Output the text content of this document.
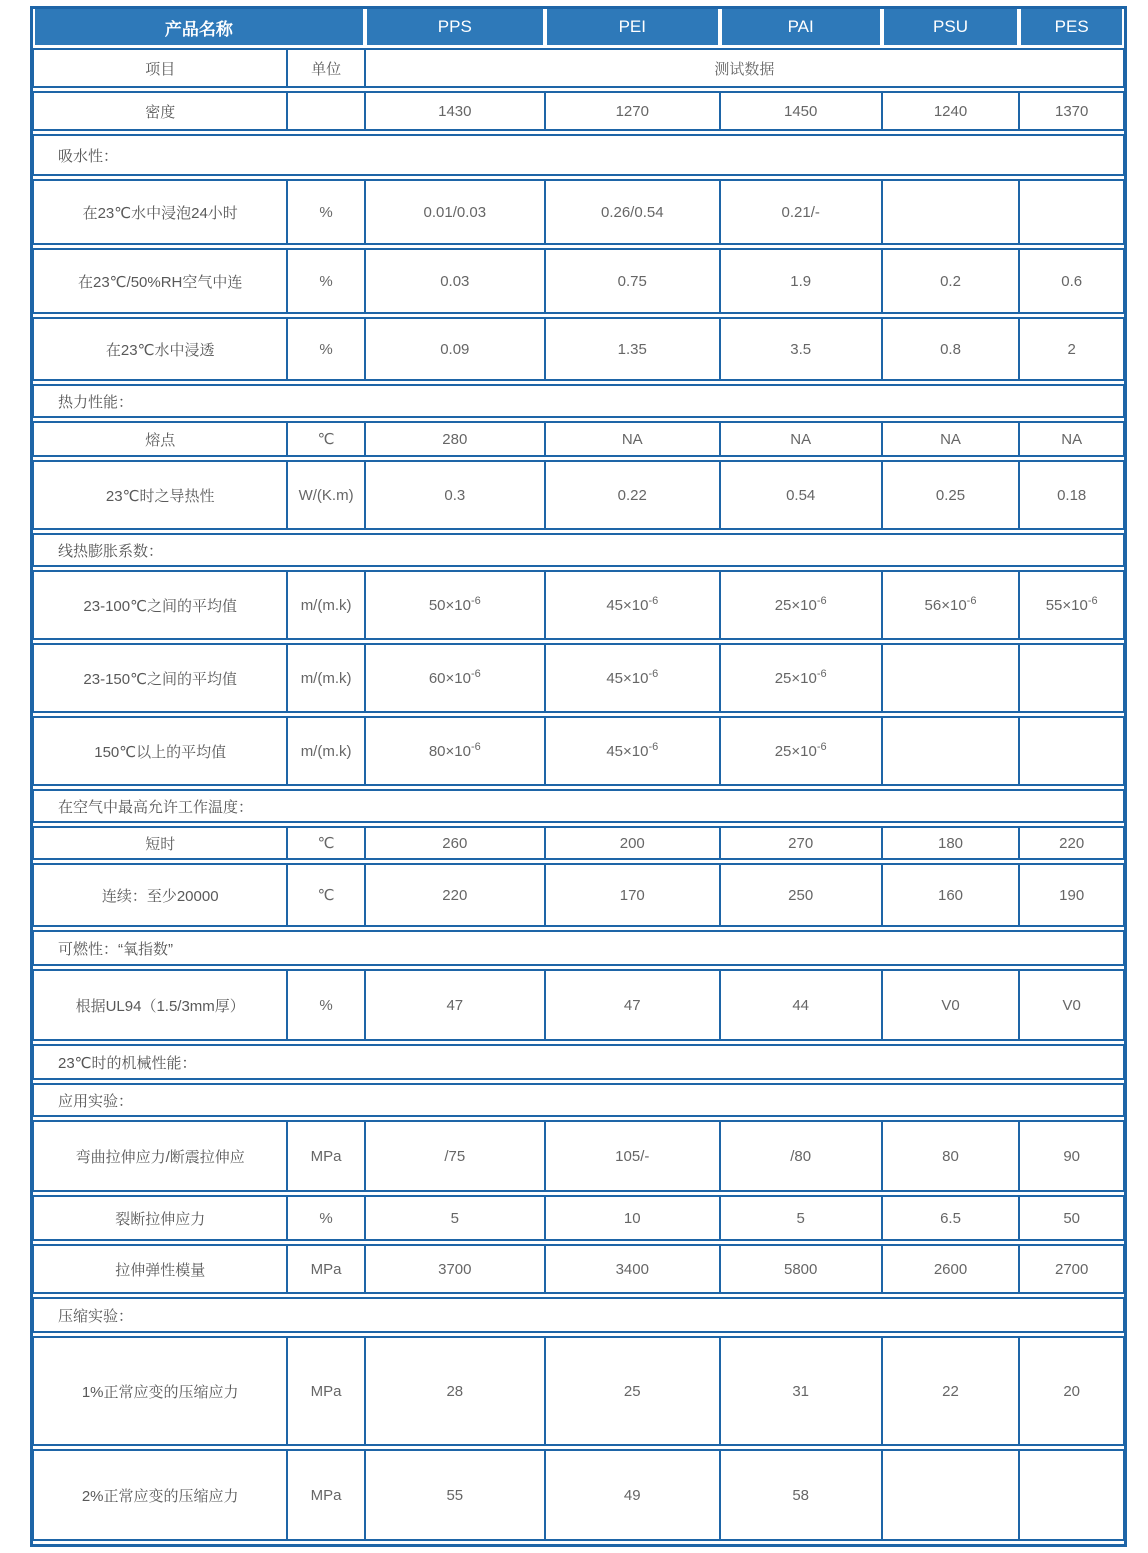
产品名称		PPS	PEI	PAI	PSU	PES
项目	单位	测试数据				
密度		1430	1270	1450	1240	1370
吸水性：						
在23℃水中浸泡24小时	%	0.01/0.03	0.26/0.54	0.21/-		
在23℃/50%RH空气中连	%	0.03	0.75	1.9	0.2	0.6
在23℃水中浸透	%	0.09	1.35	3.5	0.8	2
热力性能：						
熔点	℃	280	NA	NA	NA	NA
23℃时之导热性	W/(K.m)	0.3	0.22	0.54	0.25	0.18
线热膨胀系数：						
23-100℃之间的平均值	m/(m.k)	$50\times 10^{-6}$	$45\times 10^{-6}$	$25\times 10^{-6}$	$56\times 10^{-6}$	$55\times 10^{-6}$
23-150℃之间的平均值	m/(m.k)	$60\times 10^{-6}$	$45\times 10^{-6}$	$25\times 10^{-6}$		
150℃以上的平均值	m/(m.k)	$80\times 10^{-6}$	$45\times 10^{-6}$	$25\times 10^{-6}$		
在空气中最高允许工作温度：						
短时	℃	260	200	270	180	220
连续：至少20000	℃	220	170	250	160	190
可燃性：“氧指数”						
根据UL94（1.5/3mm厚）	%	47	47	44	V0	V0
23℃时的机械性能：						
应用实验：						
弯曲拉伸应力/断震拉伸应	MPa	/75	105/-	/80	80	90
裂断拉伸应力	%	5	10	5	6.5	50
拉伸弹性模量	MPa	3700	3400	5800	2600	2700
压缩实验：						
1%正常应变的压缩应力	MPa	28	25	31	22	20
2%正常应变的压缩应力	MPa	55	49	58		
